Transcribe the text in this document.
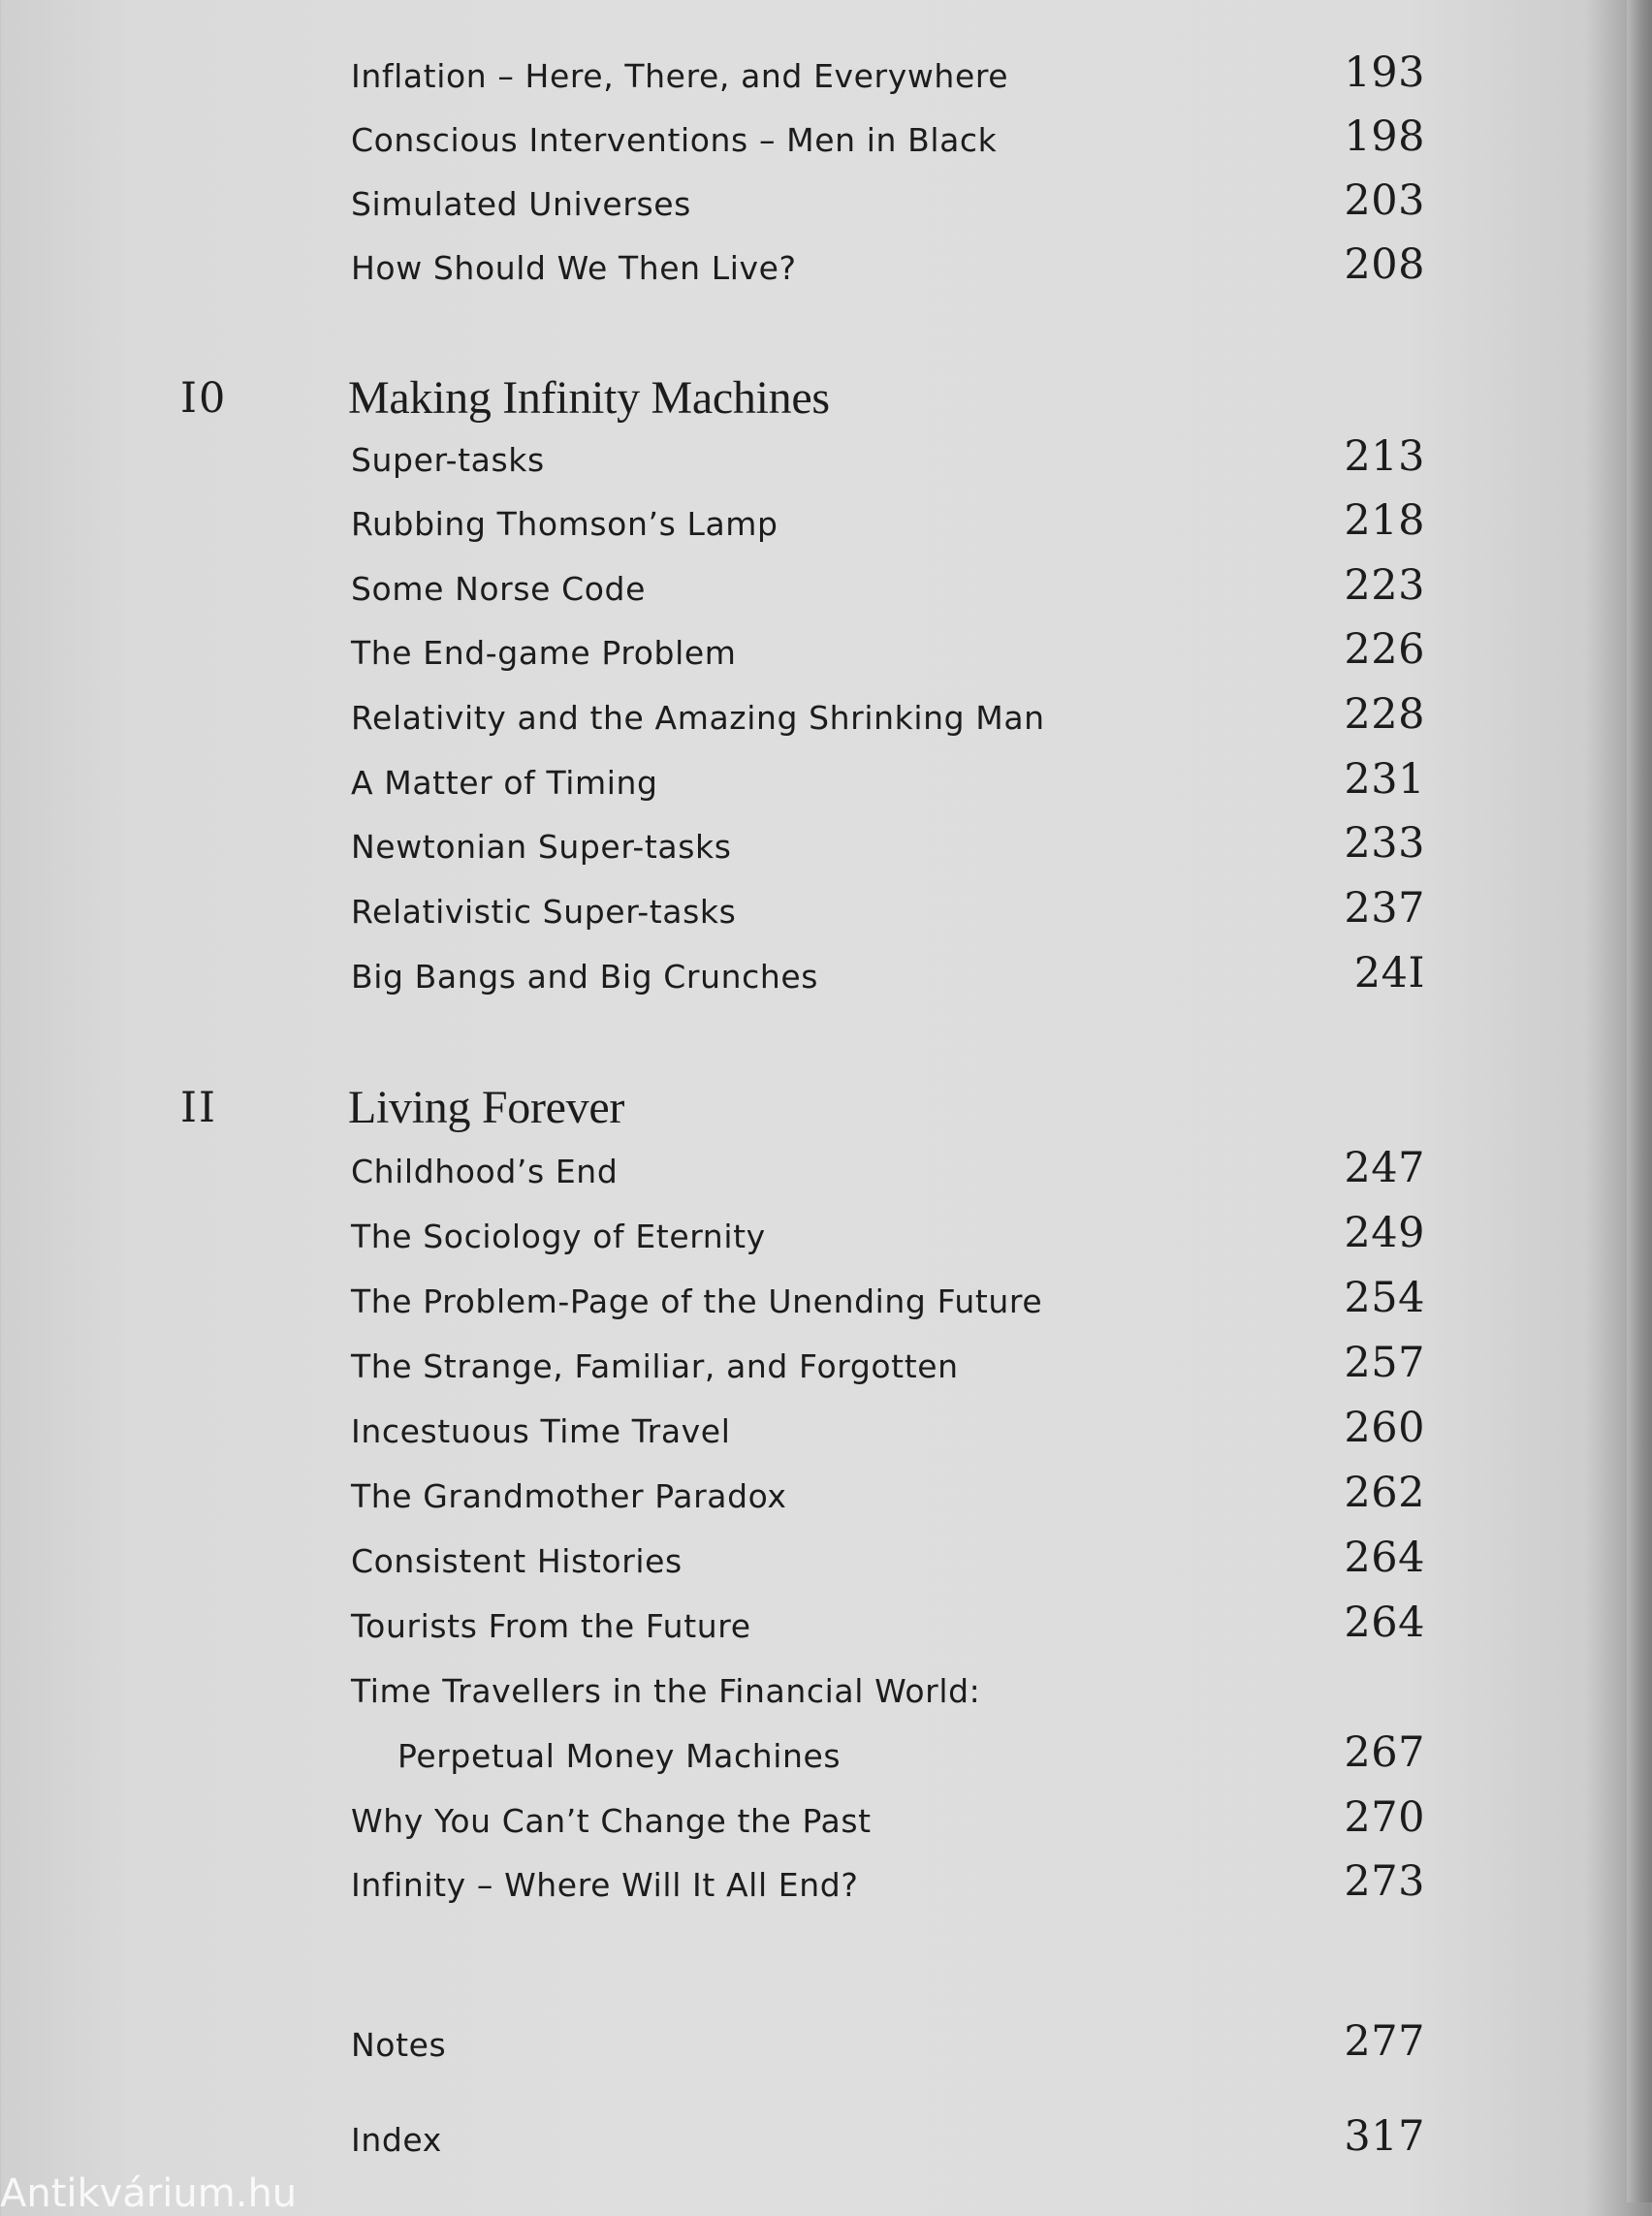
Inflation – Here, There, and Everywhere	193
Conscious Interventions – Men in Black	198
Simulated Universes	203
How Should We Then Live?	208
I0	Making Infinity Machines
Super-tasks	213
Rubbing Thomson’s Lamp	218
Some Norse Code	223
The End-game Problem	226
Relativity and the Amazing Shrinking Man	228
A Matter of Timing	231
Newtonian Super-tasks	233
Relativistic Super-tasks	237
Big Bangs and Big Crunches	24I
II	Living Forever
Childhood’s End	247
The Sociology of Eternity	249
The Problem-Page of the Unending Future	254
The Strange, Familiar, and Forgotten	257
Incestuous Time Travel	260
The Grandmother Paradox	262
Consistent Histories	264
Tourists From the Future	264
Time Travellers in the Financial World:
Perpetual Money Machines	267
Why You Can’t Change the Past	270
Infinity – Where Will It All End?	273
Notes	277
Index	317
Antikvárium.hu
